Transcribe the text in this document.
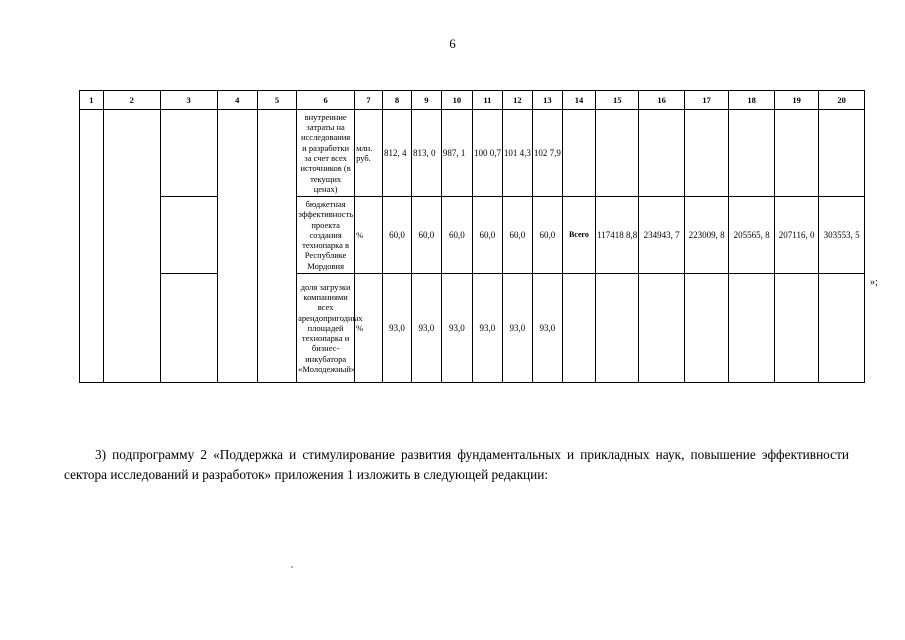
6
1	2	3	4	5	6	7	8	9	10	11	12	13	14	15	16	17	18	19	20
					внутренние затраты на исследования и разработки за счет всех источников (в текущих ценах)	млн. руб.	812, 4	813, 0	987, 1	100 0,7	101 4,3	102 7,9							
					бюджетная эффективность проекта создания технопарка в Республике Мордовия	%	60,0	60,0	60,0	60,0	60,0	60,0	Всего	117418 8,8	234943, 7	223009, 8	205565, 8	207116, 0	303553, 5
					доля загрузки компаниями всех арендопригодных площадей технопарка и бизнес-инкубатора «Молодежный»	%	93,0	93,0	93,0	93,0	93,0	93,0							
»;
3) подпрограмму 2 «Поддержка и стимулирование развития фундаментальных и прикладных наук, повышение эффективности сектора исследований и разработок» приложения 1 изложить в следующей редакции:
